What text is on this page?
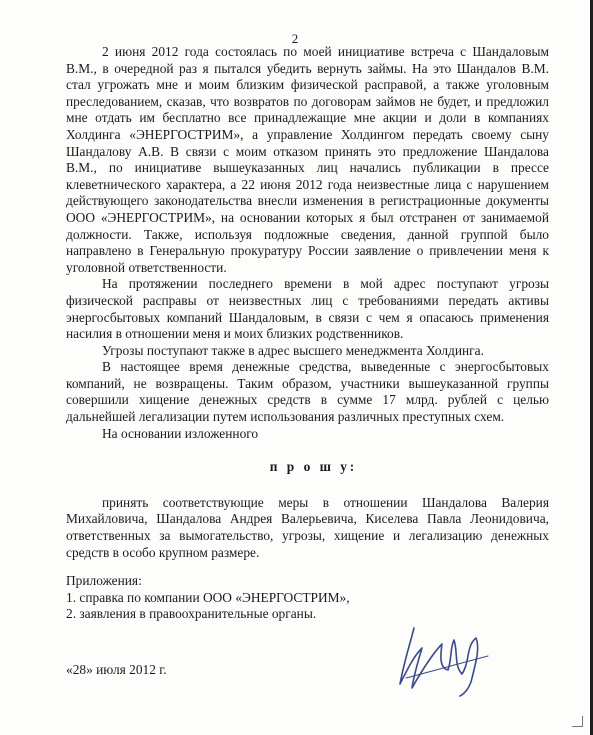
2

2 июня 2012 года состоялась по моей инициативе встреча с Шандаловым В.М., в очередной раз я пытался убедить вернуть займы. На это Шандалов В.М. стал угрожать мне и моим близким физической расправой, а также уголовным преследованием, сказав, что возвратов по договорам займов не будет, и предложил мне отдать им бесплатно все принадлежащие мне акции и доли в компаниях Холдинга «ЭНЕРГОСТРИМ», а управление Холдингом передать своему сыну Шандалову А.В. В связи с моим отказом принять это предложение Шандалова В.М., по инициативе вышеуказанных лиц начались публикации в прессе клеветнического характера, а 22 июня 2012 года неизвестные лица с нарушением действующего законодательства внесли изменения в регистрационные документы ООО «ЭНЕРГОСТРИМ», на основании которых я был отстранен от занимаемой должности. Также, используя подложные сведения, данной группой было направлено в Генеральную прокуратуру России заявление о привлечении меня к уголовной ответственности.

На протяжении последнего времени в мой адрес поступают угрозы физической расправы от неизвестных лиц с требованиями передать активы энергосбытовых компаний Шандаловым, в связи с чем я опасаюсь применения насилия в отношении меня и моих близких родственников.

Угрозы поступают также в адрес высшего менеджмента Холдинга.

В настоящее время денежные средства, выведенные с энергосбытовых компаний, не возвращены. Таким образом, участники вышеуказанной группы совершили хищение денежных средств в сумме 17 млрд. рублей с целью дальнейшей легализации путем использования различных преступных схем.

На основании изложенного

п р о ш у:

принять соответствующие меры в отношении Шандалова Валерия Михайловича, Шандалова Андрея Валерьевича, Киселева Павла Леонидовича, ответственных за вымогательство, угрозы, хищение и легализацию денежных средств в особо крупном размере.

Приложения:
1. справка по компании ООО «ЭНЕРГОСТРИМ»,
2. заявления в правоохранительные органы.
«28» июля 2012 г.
